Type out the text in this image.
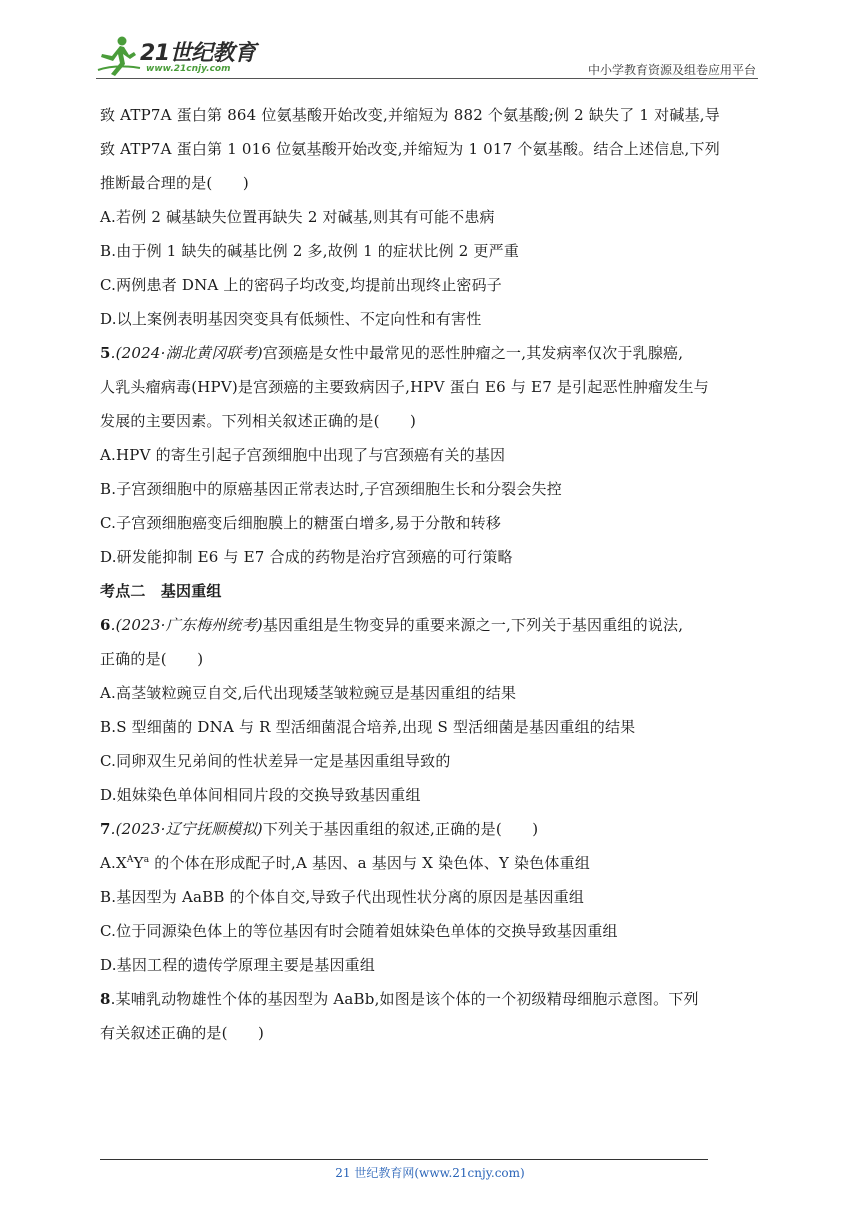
21世纪教育
www.21cnjy.com	中小学教育资源及组卷应用平台
致 ATP7A 蛋白第 864 位氨基酸开始改变,并缩短为 882 个氨基酸;例 2 缺失了 1 对碱基,导
致 ATP7A 蛋白第 1 016 位氨基酸开始改变,并缩短为 1 017 个氨基酸。结合上述信息,下列
推断最合理的是(　　)
A.若例 2 碱基缺失位置再缺失 2 对碱基,则其有可能不患病
B.由于例 1 缺失的碱基比例 2 多,故例 1 的症状比例 2 更严重
C.两例患者 DNA 上的密码子均改变,均提前出现终止密码子
D.以上案例表明基因突变具有低频性、不定向性和有害性
5.(2024·湖北黄冈联考)宫颈癌是女性中最常见的恶性肿瘤之一,其发病率仅次于乳腺癌,
人乳头瘤病毒(HPV)是宫颈癌的主要致病因子,HPV 蛋白 E6 与 E7 是引起恶性肿瘤发生与
发展的主要因素。下列相关叙述正确的是(　　)
A.HPV 的寄生引起子宫颈细胞中出现了与宫颈癌有关的基因
B.子宫颈细胞中的原癌基因正常表达时,子宫颈细胞生长和分裂会失控
C.子宫颈细胞癌变后细胞膜上的糖蛋白增多,易于分散和转移
D.研发能抑制 E6 与 E7 合成的药物是治疗宫颈癌的可行策略
考点二　基因重组
6.(2023·广东梅州统考)基因重组是生物变异的重要来源之一,下列关于基因重组的说法,
正确的是(　　)
A.高茎皱粒豌豆自交,后代出现矮茎皱粒豌豆是基因重组的结果
B.S 型细菌的 DNA 与 R 型活细菌混合培养,出现 S 型活细菌是基因重组的结果
C.同卵双生兄弟间的性状差异一定是基因重组导致的
D.姐妹染色单体间相同片段的交换导致基因重组
7.(2023·辽宁抚顺模拟)下列关于基因重组的叙述,正确的是(　　)
$A.X^AY^a$ 的个体在形成配子时,A 基因、a 基因与 X 染色体、Y 染色体重组
B.基因型为 AaBB 的个体自交,导致子代出现性状分离的原因是基因重组
C.位于同源染色体上的等位基因有时会随着姐妹染色单体的交换导致基因重组
D.基因工程的遗传学原理主要是基因重组
8.某哺乳动物雄性个体的基因型为 AaBb,如图是该个体的一个初级精母细胞示意图。下列
有关叙述正确的是(　　)
21 世纪教育网(www.21cnjy.com)
